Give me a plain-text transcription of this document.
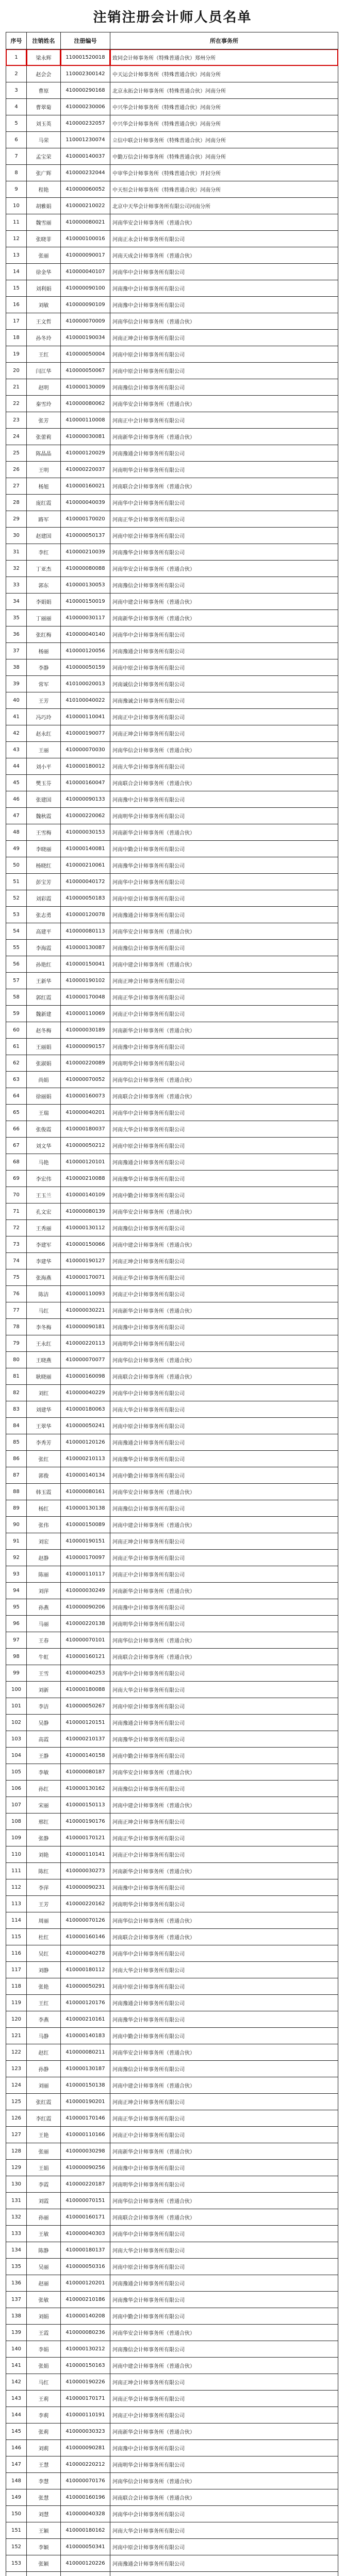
注销注册会计师人员名单
序号	注销姓名	注册编号	所在事务所
1	梁永辉	110001520018	致同会计师事务所（特殊普通合伙）郑州分所
2	赵会会	110002300142	中天运会计师事务所（特殊普通合伙）河南分所
3	曹原	410000290168	北京永拓会计师事务所（特殊普通合伙）河南分所
4	曹翠菊	410000230006	中兴华会计师事务所（特殊普通合伙）河南分所
5	刘玉英	410000232057	中兴华会计师事务所（特殊普通合伙）河南分所
6	马荣	110001230074	立信中联会计师事务所（特殊普通合伙）河南分所
7	孟宝荣	410000140037	中勤万信会计师事务所（特殊普通合伙）河南分所
8	张广辉	410000232044	中审华会计师事务所（特殊普通合伙）开封分所
9	程艳	410000060052	中天恒会计师事务所（特殊普通合伙）河南分所
10	胡雅娟	410000210022	北京中天华会计师事务所有限公司河南分所
11	魏雪丽	410000080021	河南华安会计师事务所（普通合伙）
12	张晓菲	410000100016	河南正永会计师事务所有限公司
13	张丽	410000090017	河南天成会计师事务所（普通合伙）
14	徐金华	410000040107	河南华中会计师事务所有限公司
15	刘利娟	410000090100	河南豫中会计师事务所有限公司
16	刘敏	410000090109	河南豫中会计师事务所有限公司
17	王文哲	410000070009	河南华信会计师事务所（普通合伙）
18	孙冬玲	410000190034	河南正坤会计师事务所有限公司
19	王红	410000050004	河南中原会计师事务所有限公司
20	闫江华	410000050067	河南中原会计师事务所有限公司
21	赵明	410000130009	河南豫信会计师事务所有限公司
22	秦雪玲	410000080062	河南华安会计师事务所（普通合伙）
23	张芳	410000110008	河南正中会计师事务所有限公司
24	张蕾莉	410000030081	河南新华会计师事务所（普通合伙）
25	陈晶晶	410000120029	河南豫通会计师事务所有限公司
26	王明	410000220037	河南明华会计师事务所有限公司
27	杨旭	410000160021	河南联合会计师事务所（普通合伙）
28	庞红霞	410000040039	河南华中会计师事务所有限公司
29	路军	410000170020	河南正华会计师事务所有限公司
30	赵建国	410000050137	河南中原会计师事务所有限公司
31	李红	410000210039	河南豫华会计师事务所有限公司
32	丁亚杰	410000080088	河南华安会计师事务所（普通合伙）
33	郭东	410000130053	河南豫信会计师事务所有限公司
34	李娟娟	410000150019	河南中建会计师事务所（普通合伙）
35	丁丽丽	410000030117	河南新华会计师事务所（普通合伙）
36	张红梅	410000040140	河南华中会计师事务所有限公司
37	杨丽	410000120056	河南豫通会计师事务所有限公司
38	李静	410000050159	河南中原会计师事务所有限公司
39	常军	410100020013	河南诚信会计师事务所有限公司
40	王芳	410100040022	河南豫诚会计师事务所有限公司
41	冯巧玲	410000110041	河南正中会计师事务所有限公司
42	赵永红	410000190077	河南正坤会计师事务所有限公司
43	王丽	410000070030	河南华信会计师事务所（普通合伙）
44	刘小平	410000180012	河南大华会计师事务所有限公司
45	樊玉芬	410000160047	河南联合会计师事务所（普通合伙）
46	张建国	410000090133	河南豫中会计师事务所有限公司
47	魏秋霞	410000220062	河南明华会计师事务所有限公司
48	王雪梅	410000030153	河南新华会计师事务所（普通合伙）
49	李晓丽	410000140081	河南中勤会计师事务所有限公司
50	杨晓红	410000210061	河南豫华会计师事务所有限公司
51	彭宝芳	410000040172	河南华中会计师事务所有限公司
52	刘彩霞	410000050183	河南中原会计师事务所有限公司
53	张志勇	410000120078	河南豫通会计师事务所有限公司
54	高建平	410000080113	河南华安会计师事务所（普通合伙）
55	李海霞	410000130087	河南豫信会计师事务所有限公司
56	孙艳红	410000150041	河南中建会计师事务所（普通合伙）
57	王新华	410000190102	河南正坤会计师事务所有限公司
58	郭红霞	410000170048	河南正华会计师事务所有限公司
59	魏新建	410000110069	河南正中会计师事务所有限公司
60	赵冬梅	410000030189	河南新华会计师事务所（普通合伙）
61	王丽娟	410000090157	河南豫中会计师事务所有限公司
62	张淑娟	410000220089	河南明华会计师事务所有限公司
63	尚娟	410000070052	河南华信会计师事务所（普通合伙）
64	徐丽娟	410000160073	河南联合会计师事务所（普通合伙）
65	王瑞	410000040201	河南华中会计师事务所有限公司
66	张俊霞	410000180037	河南大华会计师事务所有限公司
67	刘文华	410000050212	河南中原会计师事务所有限公司
68	马艳	410000120101	河南豫通会计师事务所有限公司
69	李宏伟	410000210088	河南豫华会计师事务所有限公司
70	王玉兰	410000140109	河南中勤会计师事务所有限公司
71	孔文宏	410000080139	河南华安会计师事务所（普通合伙）
72	王秀丽	410000130112	河南豫信会计师事务所有限公司
73	李建军	410000150066	河南中建会计师事务所（普通合伙）
74	李建华	410000190127	河南正坤会计师事务所有限公司
75	张海燕	410000170071	河南正华会计师事务所有限公司
76	陈洁	410000110093	河南正中会计师事务所有限公司
77	马红	410000030221	河南新华会计师事务所（普通合伙）
78	李冬梅	410000090181	河南豫中会计师事务所有限公司
79	王永红	410000220113	河南明华会计师事务所有限公司
80	王晓燕	410000070077	河南华信会计师事务所（普通合伙）
81	耿晓丽	410000160098	河南联合会计师事务所（普通合伙）
82	刘红	410000040229	河南华中会计师事务所有限公司
83	刘建华	410000180063	河南大华会计师事务所有限公司
84	王翠华	410000050241	河南中原会计师事务所有限公司
85	李秀芳	410000120126	河南豫通会计师事务所有限公司
86	张红	410000210113	河南豫华会计师事务所有限公司
87	郭俊	410000140134	河南中勤会计师事务所有限公司
88	韩玉霞	410000080161	河南华安会计师事务所（普通合伙）
89	杨红	410000130138	河南豫信会计师事务所有限公司
90	张伟	410000150089	河南中建会计师事务所（普通合伙）
91	刘宏	410000190151	河南正坤会计师事务所有限公司
92	赵静	410000170097	河南正华会计师事务所有限公司
93	陈丽	410000110117	河南正中会计师事务所有限公司
94	刘萍	410000030249	河南新华会计师事务所（普通合伙）
95	孙燕	410000090206	河南豫中会计师事务所有限公司
96	马丽	410000220138	河南明华会计师事务所有限公司
97	王春	410000070101	河南华信会计师事务所（普通合伙）
98	牛虹	410000160121	河南联合会计师事务所（普通合伙）
99	王雪	410000040253	河南华中会计师事务所有限公司
100	刘新	410000180088	河南大华会计师事务所有限公司
101	李洁	410000050267	河南中原会计师事务所有限公司
102	吴静	410000120151	河南豫通会计师事务所有限公司
103	高霞	410000210137	河南豫华会计师事务所有限公司
104	王静	410000140158	河南中勤会计师事务所有限公司
105	李敏	410000080187	河南华安会计师事务所（普通合伙）
106	孙红	410000130162	河南豫信会计师事务所有限公司
107	宋丽	410000150113	河南中建会计师事务所（普通合伙）
108	邢红	410000190176	河南正坤会计师事务所有限公司
109	张静	410000170121	河南正华会计师事务所有限公司
110	刘艳	410000110141	河南正中会计师事务所有限公司
111	陈红	410000030273	河南新华会计师事务所（普通合伙）
112	李萍	410000090231	河南豫中会计师事务所有限公司
113	王芳	410000220162	河南明华会计师事务所有限公司
114	周丽	410000070126	河南华信会计师事务所（普通合伙）
115	杜红	410000160146	河南联合会计师事务所（普通合伙）
116	吴红	410000040278	河南华中会计师事务所有限公司
117	刘静	410000180112	河南大华会计师事务所有限公司
118	张艳	410000050291	河南中原会计师事务所有限公司
119	王红	410000120176	河南豫通会计师事务所有限公司
120	李燕	410000210161	河南豫华会计师事务所有限公司
121	马静	410000140183	河南中勤会计师事务所有限公司
122	赵红	410000080211	河南华安会计师事务所（普通合伙）
123	孙静	410000130187	河南豫信会计师事务所有限公司
124	刘丽	410000150138	河南中建会计师事务所（普通合伙）
125	张红霞	410000190201	河南正坤会计师事务所有限公司
126	李红霞	410000170146	河南正华会计师事务所有限公司
127	王艳	410000110166	河南正中会计师事务所有限公司
128	张丽	410000030298	河南新华会计师事务所（普通合伙）
129	王娟	410000090256	河南豫中会计师事务所有限公司
130	李霞	410000220187	河南明华会计师事务所有限公司
131	刘霞	410000070151	河南华信会计师事务所（普通合伙）
132	孙丽	410000160171	河南联合会计师事务所（普通合伙）
133	王敏	410000040303	河南华中会计师事务所有限公司
134	陈静	410000180137	河南大华会计师事务所有限公司
135	吴丽	410000050316	河南中原会计师事务所有限公司
136	赵丽	410000120201	河南豫通会计师事务所有限公司
137	张敏	410000210186	河南豫华会计师事务所有限公司
138	刘娟	410000140208	河南中勤会计师事务所有限公司
139	王霞	410000080236	河南华安会计师事务所（普通合伙）
140	李娟	410000130212	河南豫信会计师事务所有限公司
141	张娟	410000150163	河南中建会计师事务所（普通合伙）
142	马红	410000190226	河南正坤会计师事务所有限公司
143	王莉	410000170171	河南正华会计师事务所有限公司
144	李莉	410000110191	河南正中会计师事务所有限公司
145	张莉	410000030323	河南新华会计师事务所（普通合伙）
146	刘莉	410000090281	河南豫中会计师事务所有限公司
147	王慧	410000220212	河南明华会计师事务所有限公司
148	李慧	410000070176	河南华信会计师事务所（普通合伙）
149	张慧	410000160196	河南联合会计师事务所（普通合伙）
150	刘慧	410000040328	河南华中会计师事务所有限公司
151	王颖	410000180162	河南大华会计师事务所有限公司
152	李颖	410000050341	河南中原会计师事务所有限公司
153	张颖	410000120226	河南豫通会计师事务所有限公司
